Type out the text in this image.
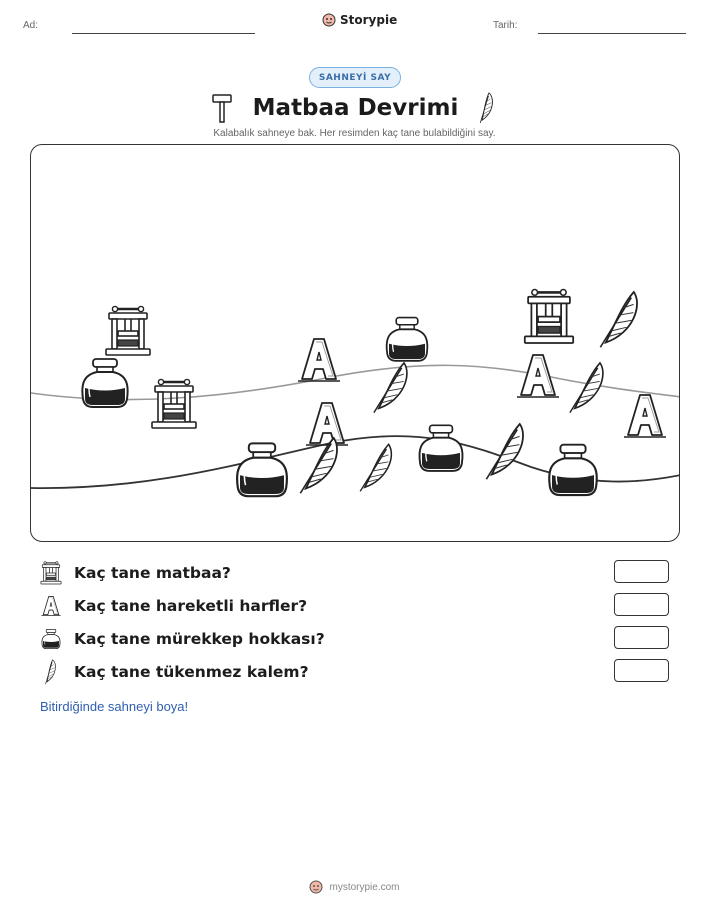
Ad:	Storypie	Tarih:
SAHNEYİ SAY
Matbaa Devrimi
Kalabalık sahneye bak. Her resimden kaç tane bulabildiğini say.
Kaç tane matbaa?
Kaç tane hareketli harfler?
Kaç tane mürekkep hokkası?
Kaç tane tükenmez kalem?
Bitirdiğinde sahneyi boya!
mystorypie.com
